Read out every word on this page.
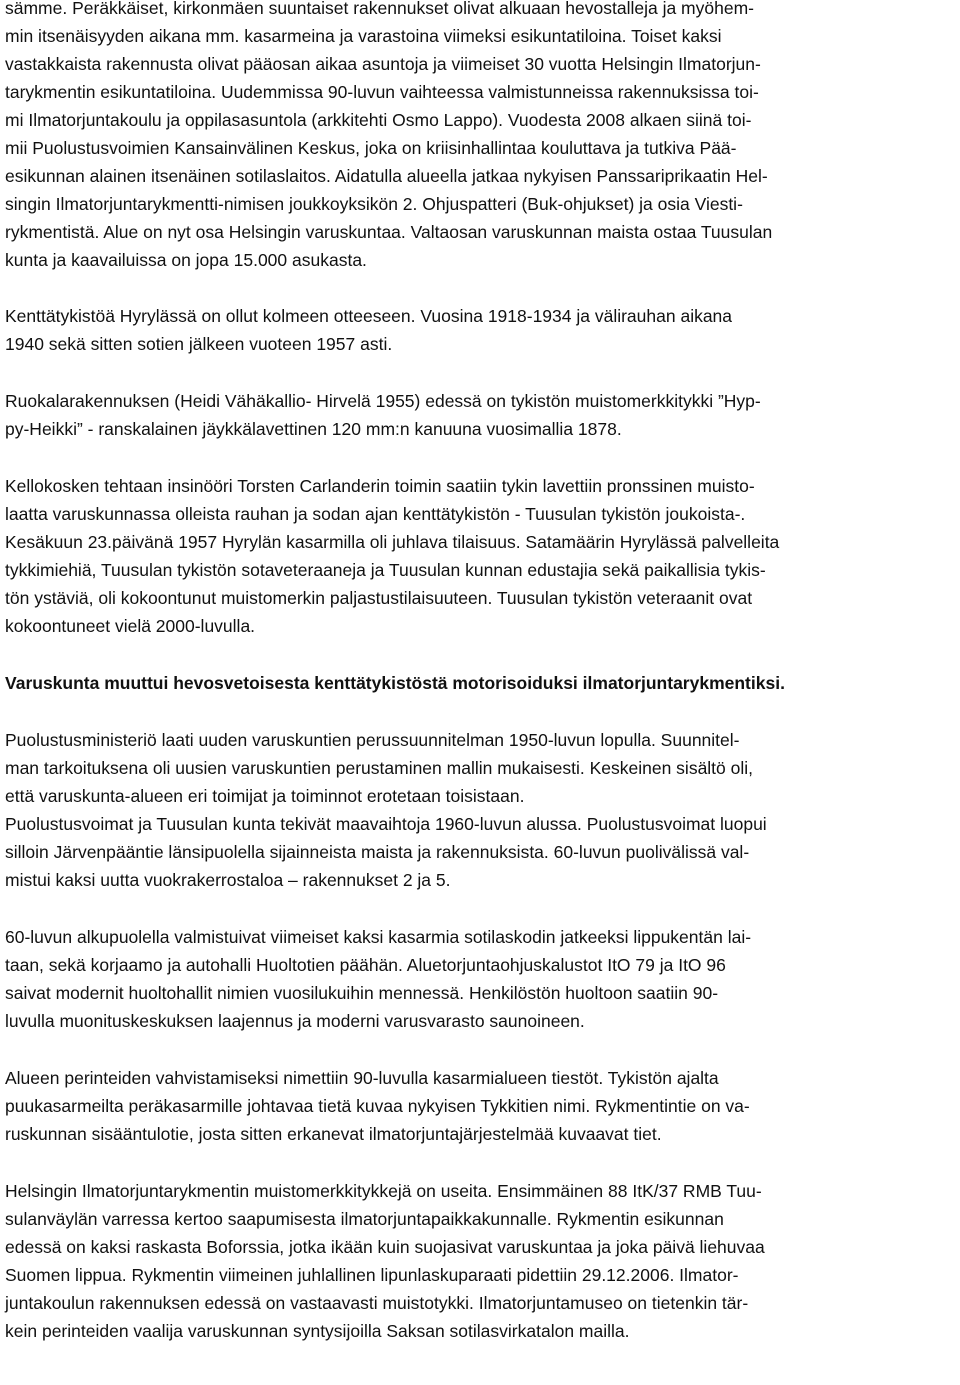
sämme. Peräkkäiset, kirkonmäen suuntaiset rakennukset olivat alkuaan hevostalleja ja myöhem-
min itsenäisyyden aikana mm. kasarmeina ja varastoina viimeksi esikuntatiloina. Toiset kaksi
vastakkaista rakennusta olivat pääosan aikaa asuntoja ja viimeiset 30 vuotta Helsingin Ilmatorjun-
tarykmentin esikuntatiloina. Uudemmissa 90-luvun vaihteessa valmistunneissa rakennuksissa toi-
mi Ilmatorjuntakoulu ja oppilasasuntola (arkkitehti Osmo Lappo). Vuodesta 2008 alkaen siinä toi-
mii Puolustusvoimien Kansainvälinen Keskus, joka on kriisinhallintaa kouluttava ja tutkiva Pää-
esikunnan alainen itsenäinen sotilaslaitos. Aidatulla alueella jatkaa nykyisen Panssariprikaatin Hel-
singin Ilmatorjuntarykmentti-nimisen joukkoyksikön 2. Ohjuspatteri (Buk-ohjukset) ja osia Viesti-
rykmentistä. Alue on nyt osa Helsingin varuskuntaa. Valtaosan varuskunnan maista ostaa Tuusulan
kunta ja kaavailuissa on jopa 15.000 asukasta.
Kenttätykistöä Hyrylässä on ollut kolmeen otteeseen. Vuosina 1918-1934 ja välirauhan aikana
1940 sekä sitten sotien jälkeen vuoteen 1957 asti.
Ruokalarakennuksen (Heidi Vähäkallio- Hirvelä 1955) edessä on tykistön muistomerkkitykki ”Hyp-
py-Heikki” - ranskalainen jäykkälavettinen 120 mm:n kanuuna vuosimallia 1878.
Kellokosken tehtaan insinööri Torsten Carlanderin toimin saatiin tykin lavettiin pronssinen muisto-
laatta varuskunnassa olleista rauhan ja sodan ajan kenttätykistön - Tuusulan tykistön joukoista-.
Kesäkuun 23.päivänä 1957 Hyrylän kasarmilla oli juhlava tilaisuus. Satamäärin Hyrylässä palvelleita
tykkimiehiä, Tuusulan tykistön sotaveteraaneja ja Tuusulan kunnan edustajia sekä paikallisia tykis-
tön ystäviä, oli kokoontunut muistomerkin paljastustilaisuuteen. Tuusulan tykistön veteraanit ovat
kokoontuneet vielä 2000-luvulla.
Varuskunta muuttui hevosvetoisesta kenttätykistöstä motorisoiduksi ilmatorjuntarykmentiksi.
Puolustusministeriö laati uuden varuskuntien perussuunnitelman 1950-luvun lopulla. Suunnitel-
man tarkoituksena oli uusien varuskuntien perustaminen mallin mukaisesti. Keskeinen sisältö oli,
että varuskunta-alueen eri toimijat ja toiminnot erotetaan toisistaan.
Puolustusvoimat ja Tuusulan kunta tekivät maavaihtoja 1960-luvun alussa. Puolustusvoimat luopui
silloin Järvenpääntie länsipuolella sijainneista maista ja rakennuksista. 60-luvun puolivälissä val-
mistui kaksi uutta vuokrakerrostaloa – rakennukset 2 ja 5.
60-luvun alkupuolella valmistuivat viimeiset kaksi kasarmia sotilaskodin jatkeeksi lippukentän lai-
taan, sekä korjaamo ja autohalli Huoltotien päähän. Aluetorjuntaohjuskalustot ItO 79 ja ItO 96
saivat modernit huoltohallit nimien vuosilukuihin mennessä. Henkilöstön huoltoon saatiin 90-
luvulla muonituskeskuksen laajennus ja moderni varusvarasto saunoineen.
Alueen perinteiden vahvistamiseksi nimettiin 90-luvulla kasarmialueen tiestöt. Tykistön ajalta
puukasarmeilta peräkasarmille johtavaa tietä kuvaa nykyisen Tykkitien nimi. Rykmentintie on va-
ruskunnan sisääntulotie, josta sitten erkanevat ilmatorjuntajärjestelmää kuvaavat tiet.
Helsingin Ilmatorjuntarykmentin muistomerkkitykkejä on useita. Ensimmäinen 88 ItK/37 RMB Tuu-
sulanväylän varressa kertoo saapumisesta ilmatorjuntapaikkakunnalle. Rykmentin esikunnan
edessä on kaksi raskasta Boforssia, jotka ikään kuin suojasivat varuskuntaa ja joka päivä liehuvaa
Suomen lippua. Rykmentin viimeinen juhlallinen lipunlaskuparaati pidettiin 29.12.2006. Ilmator-
juntakoulun rakennuksen edessä on vastaavasti muistotykki. Ilmatorjuntamuseo on tietenkin tär-
kein perinteiden vaalija varuskunnan syntysijoilla Saksan sotilasvirkatalon mailla.
